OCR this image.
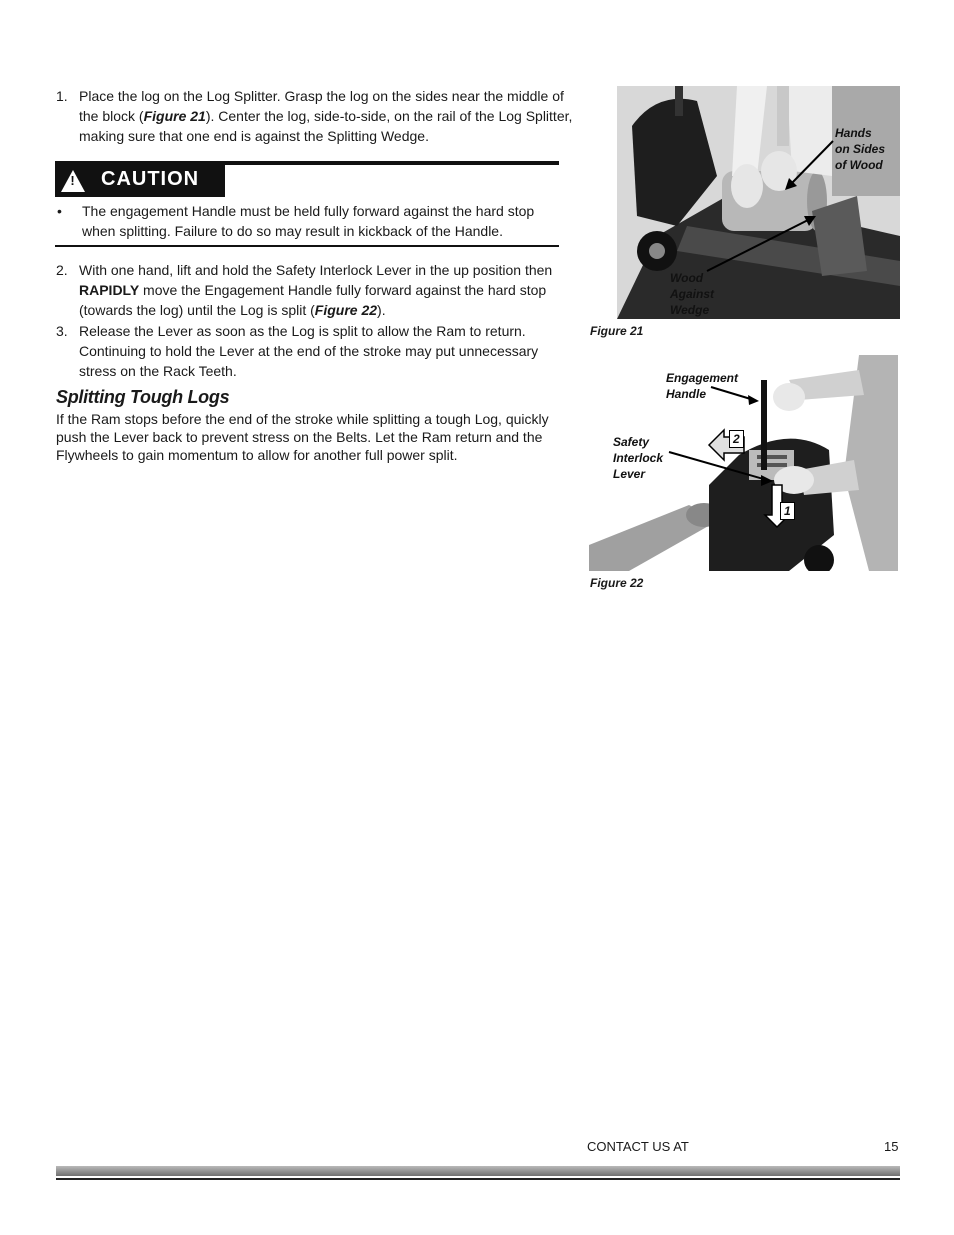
1. Place the log on the Log Splitter. Grasp the log on the sides near the middle of the block (Figure 21). Center the log, side-to-side, on the rail of the Log Splitter, making sure that one end is against the Splitting Wedge.
! CAUTION
• The engagement Handle must be held fully forward against the hard stop when splitting. Failure to do so may result in kickback of the Handle.
2. With one hand, lift and hold the Safety Interlock Lever in the up position then RAPIDLY move the Engagement Handle fully forward against the hard stop (towards the log) until the Log is split (Figure 22).
3. Release the Lever as soon as the Log is split to allow the Ram to return. Continuing to hold the Lever at the end of the stroke may put unnecessary stress on the Rack Teeth.
Splitting Tough Logs
If the Ram stops before the end of the stroke while splitting a tough Log, quickly push the Lever back to prevent stress on the Belts. Let the Ram return and the Flywheels to gain momentum to allow for another full power split.
Hands
on Sides
of Wood
Wood
Against
Wedge
Figure 21
Engagement
Handle
Safety
Interlock
Lever
2
1
Figure 22
CONTACT US AT	15
